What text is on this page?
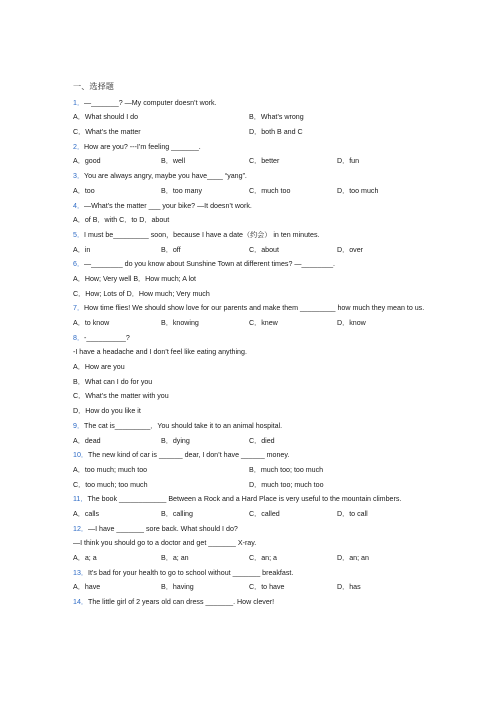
一、选择题
1．—_______? —My computer doesn’t work.
A．What should I do	B．What’s wrong
C．What’s the matter	D．both B and C
2．How are you? ---I’m feeling _______.
A．good	B．well	C．better	D．fun
3．You are always angry, maybe you have____ “yang”.
A．too	B．too many	C．much too	D．too much
4．—What’s the matter ___ your bike? —It doesn’t work.
A．of B．with C．to D．about
5．I must be_________ soon，because I have a date（约会） in ten minutes.
A．in	B．off	C．about	D．over
6．—________ do you know about Sunshine Town at different times? —________.
A．How; Very well B．How much; A lot
C．How; Lots of D．How much; Very much
7．How time flies! We should show love for our parents and make them _________ how much they mean to us.
A．to know	B．knowing	C．knew	D．know
8．-__________?
-I have a headache and I don’t feel like eating anything.
A．How are you
B．What can I do for you
C．What’s the matter with you
D．How do you like it
9．The cat is_________．You should take it to an animal hospital.
A．dead	B．dying	C．died
10．The new kind of car is ______ dear, I don’t have ______ money.
A．too much; much too	B．much too; too much
C．too much; too much	D．much too; much too
11．The book ____________ Between a Rock and a Hard Place is very useful to the mountain climbers.
A．calls	B．calling	C．called	D．to call
12．—I have _______ sore back. What should I do?
—I think you should go to a doctor and get _______ X-ray.
A．a; a	B．a; an	C．an; a	D．an; an
13．It’s bad for your health to go to school without _______ breakfast.
A．have	B．having	C．to have	D．has
14．The little girl of 2 years old can dress _______. How clever!
